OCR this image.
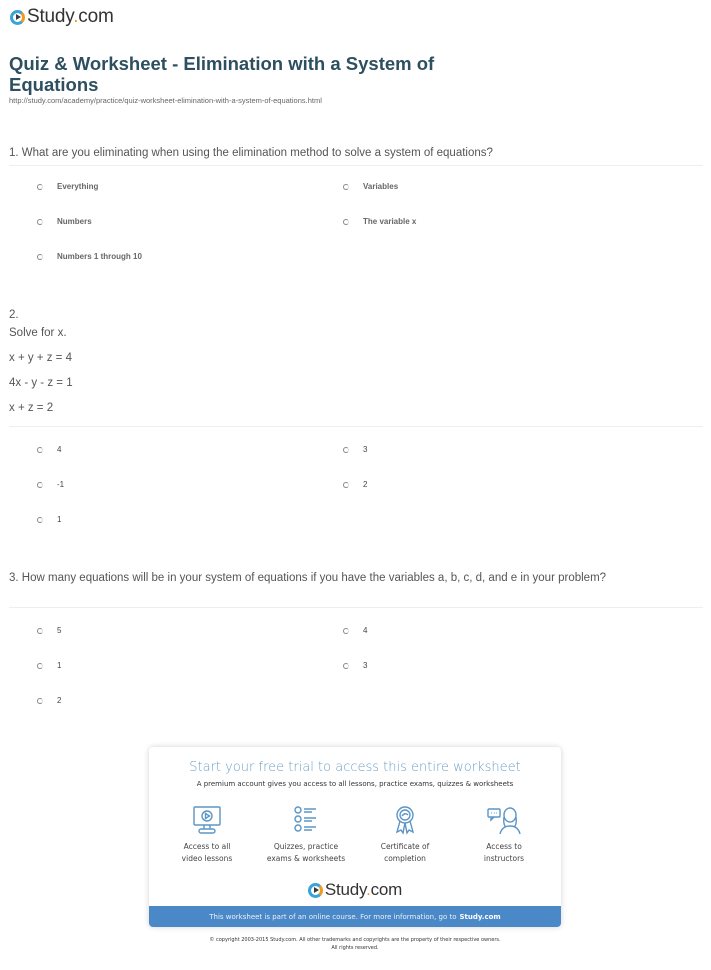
Study.com
Quiz & Worksheet - Elimination with a System of Equations
http://study.com/academy/practice/quiz-worksheet-elimination-with-a-system-of-equations.html
1. What are you eliminating when using the elimination method to solve a system of equations?
Everything	Variables
Numbers	The variable x
Numbers 1 through 10
2.
Solve for x.
x + y + z = 4
4x - y - z = 1
x + z = 2
4	3
-1	2
1
3. How many equations will be in your system of equations if you have the variables a, b, c, d, and e in your problem?
5	4
1	3
2
Start your free trial to access this entire worksheet
A premium account gives you access to all lessons, practice exams, quizzes & worksheets
Access to all
video lessons
Quizzes, practice
exams & worksheets
Certificate of
completion
Access to
instructors
Study.com
This worksheet is part of an online course. For more information, go to Study.com
© copyright 2003-2015 Study.com. All other trademarks and copyrights are the property of their respective owners.
All rights reserved.
